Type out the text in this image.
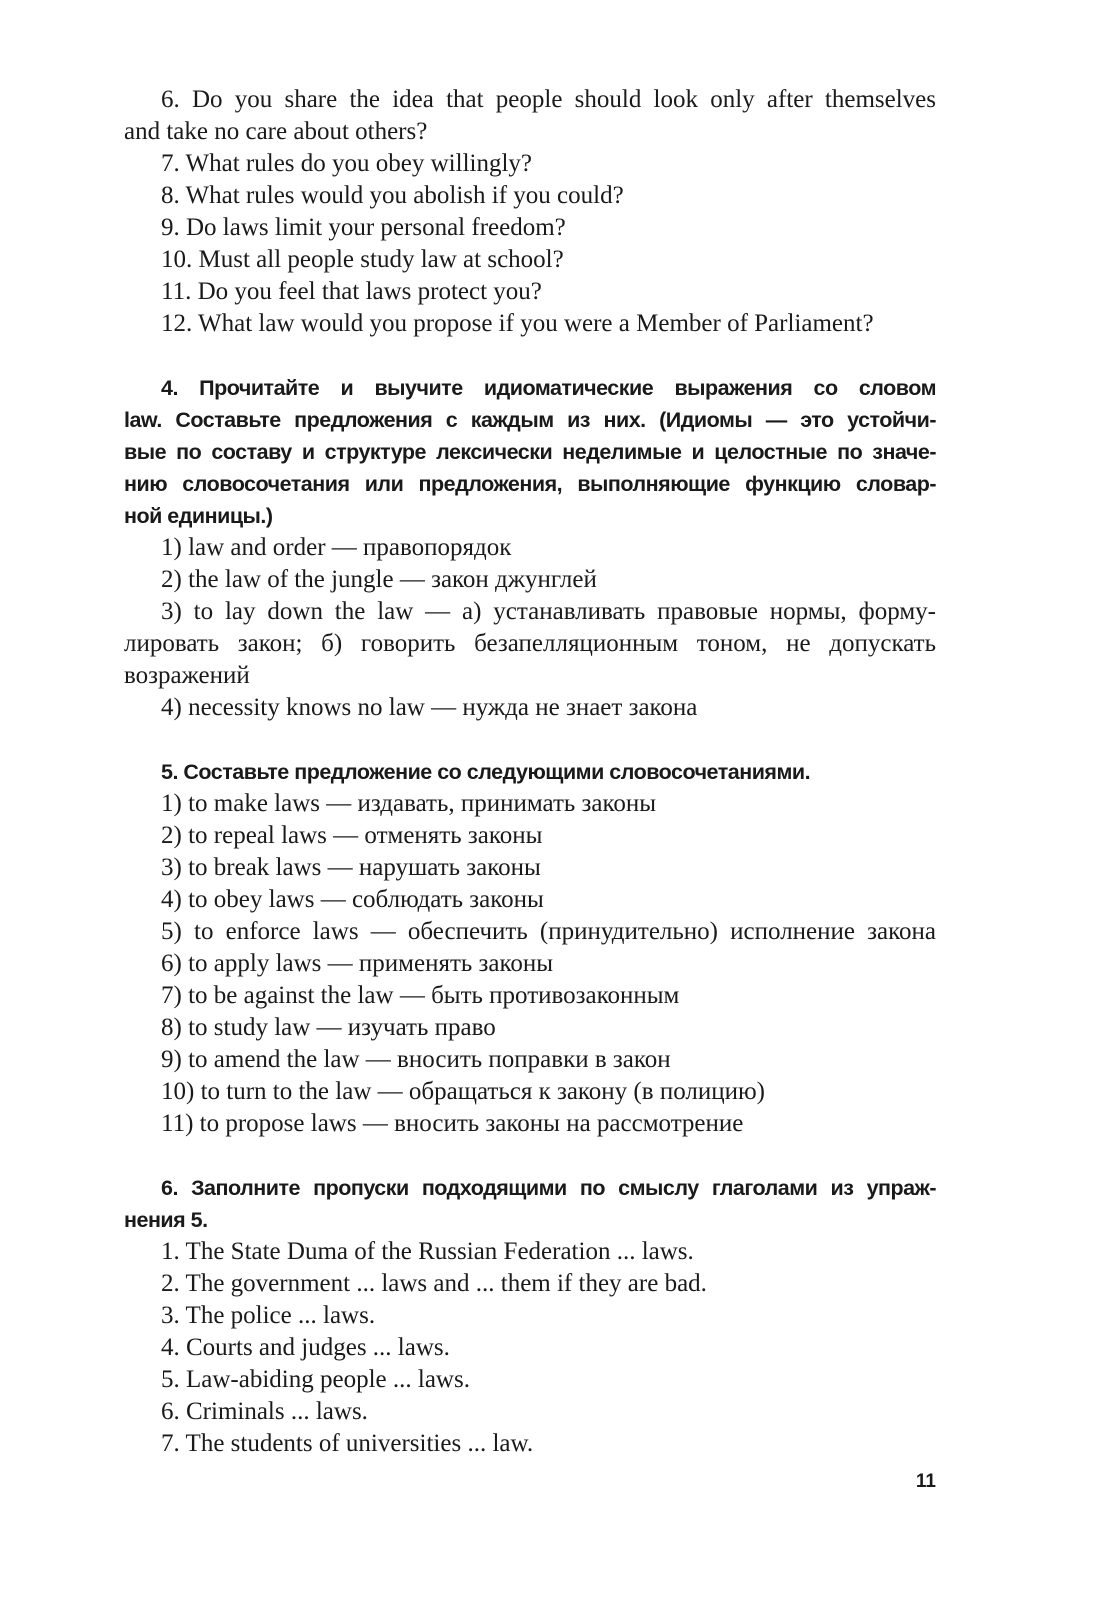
6. Do you share the idea that people should look only after themselves
and take no care about others?
7. What rules do you obey willingly?
8. What rules would you abolish if you could?
9. Do laws limit your personal freedom?
10. Must all people study law at school?
11. Do you feel that laws protect you?
12. What law would you propose if you were a Member of Parliament?
4. Прочитайте и выучите идиоматические выражения со словом
law. Составьте предложения с каждым из них. (Идиомы — это устойчи-
вые по составу и структуре лексически неделимые и целостные по значе-
нию словосочетания или предложения, выполняющие функцию словар-
ной единицы.)
1) law and order — правопорядок
2) the law of the jungle — закон джунглей
3) to lay down the law — а) устанавливать правовые нормы, форму-
лировать закон; б) говорить безапелляционным тоном, не допускать
возражений
4) necessity knows no law — нужда не знает закона
5. Составьте предложение со следующими словосочетаниями.
1) to make laws — издавать, принимать законы
2) to repeal laws — отменять законы
3) to break laws — нарушать законы
4) to obey laws — соблюдать законы
5) to enforce laws — обеспечить (принудительно) исполнение закона
6) to apply laws — применять законы
7) to be against the law — быть противозаконным
8) to study law — изучать право
9) to amend the law — вносить поправки в закон
10) to turn to the law — обращаться к закону (в полицию)
11) to propose laws — вносить законы на рассмотрение
6. Заполните пропуски подходящими по смыслу глаголами из упраж-
нения 5.
1. The State Duma of the Russian Federation ... laws.
2. The government ... laws and ... them if they are bad.
3. The police ... laws.
4. Courts and judges ... laws.
5. Law-abiding people ... laws.
6. Criminals ... laws.
7. The students of universities ... law.
11
